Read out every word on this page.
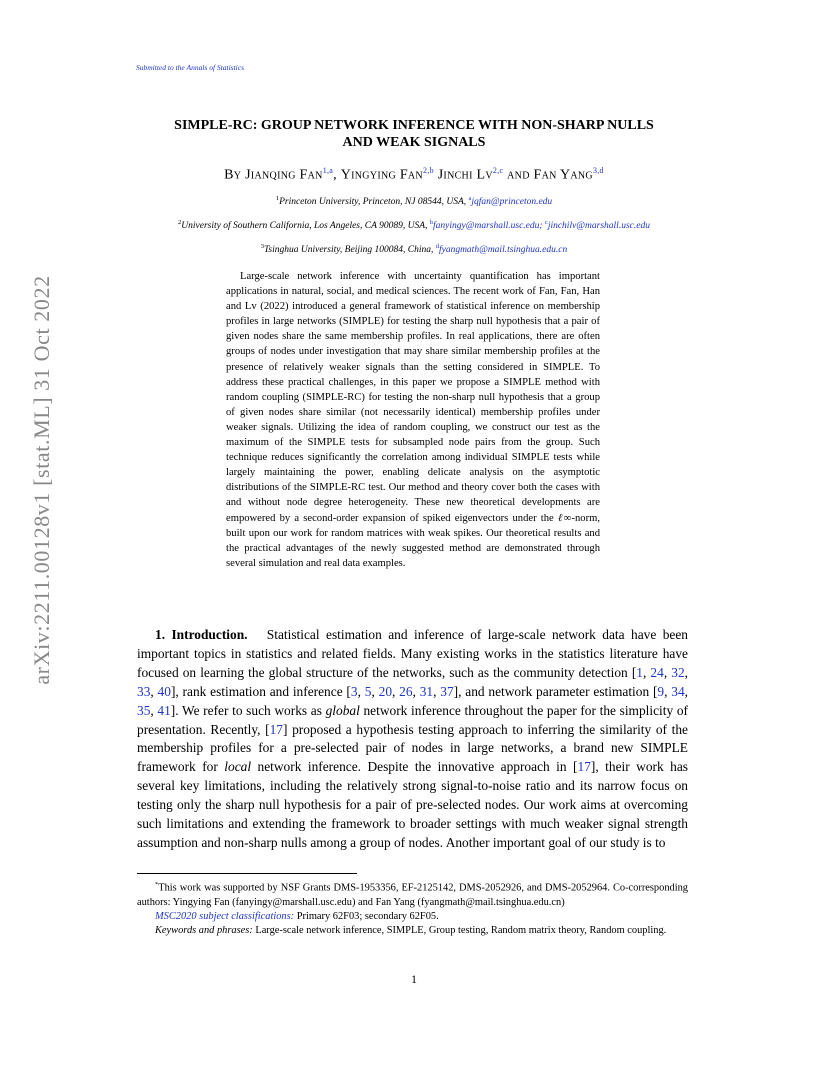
Submitted to the Annals of Statistics
arXiv:2211.00128v1 [stat.ML] 31 Oct 2022
SIMPLE-RC: GROUP NETWORK INFERENCE WITH NON-SHARP NULLS
AND WEAK SIGNALS
By Jianqing Fan$^{1,a}$, Yingying Fan$^{2,b}$ Jinchi Lv$^{2,c}$ and Fan Yang$^{3,d}$
$^1$Princeton University, Princeton, NJ 08544, USA, $^a$jqfan@princeton.edu
$^2$University of Southern California, Los Angeles, CA 90089, USA, $^b$fanyingy@marshall.usc.edu; $^c$jinchilv@marshall.usc.edu
$^3$Tsinghua University, Beijing 100084, China, $^d$fyangmath@mail.tsinghua.edu.cn

Large-scale network inference with uncertainty quantification has important applications in natural, social, and medical sciences. The recent work of Fan, Fan, Han and Lv (2022) introduced a general framework of statistical inference on membership profiles in large networks (SIMPLE) for testing the sharp null hypothesis that a pair of given nodes share the same membership profiles. In real applications, there are often groups of nodes under investigation that may share similar membership profiles at the presence of relatively weaker signals than the setting considered in SIMPLE. To address these practical challenges, in this paper we propose a SIMPLE method with random coupling (SIMPLE-RC) for testing the non-sharp null hypothesis that a group of given nodes share similar (not necessarily identical) membership profiles under weaker signals. Utilizing the idea of random coupling, we construct our test as the maximum of the SIMPLE tests for subsampled node pairs from the group. Such technique reduces significantly the correlation among individual SIMPLE tests while largely maintaining the power, enabling delicate analysis on the asymptotic distributions of the SIMPLE-RC test. Our method and theory cover both the cases with and without node degree heterogeneity. These new theoretical developments are empowered by a second-order expansion of spiked eigenvectors under the ℓ∞-norm, built upon our work for random matrices with weak spikes. Our theoretical results and the practical advantages of the newly suggested method are demonstrated through several simulation and real data examples.

1. Introduction. Statistical estimation and inference of large-scale network data have been important topics in statistics and related fields. Many existing works in the statistics literature have focused on learning the global structure of the networks, such as the community detection [1, 24, 32, 33, 40], rank estimation and inference [3, 5, 20, 26, 31, 37], and network parameter estimation [9, 34, 35, 41]. We refer to such works as global network inference throughout the paper for the simplicity of presentation. Recently, [17] proposed a hypothesis testing approach to inferring the similarity of the membership profiles for a pre-selected pair of nodes in large networks, a brand new SIMPLE framework for local network inference. Despite the innovative approach in [17], their work has several key limitations, including the relatively strong signal-to-noise ratio and its narrow focus on testing only the sharp null hypothesis for a pair of pre-selected nodes. Our work aims at overcoming such limitations and extending the framework to broader settings with much weaker signal strength assumption and non-sharp nulls among a group of nodes. Another important goal of our study is to

*This work was supported by NSF Grants DMS-1953356, EF-2125142, DMS-2052926, and DMS-2052964. Co-corresponding authors: Yingying Fan (fanyingy@marshall.usc.edu) and Fan Yang (fyangmath@mail.tsinghua.edu.cn)

MSC2020 subject classifications: Primary 62F03; secondary 62F05.

Keywords and phrases: Large-scale network inference, SIMPLE, Group testing, Random matrix theory, Random coupling.

1
